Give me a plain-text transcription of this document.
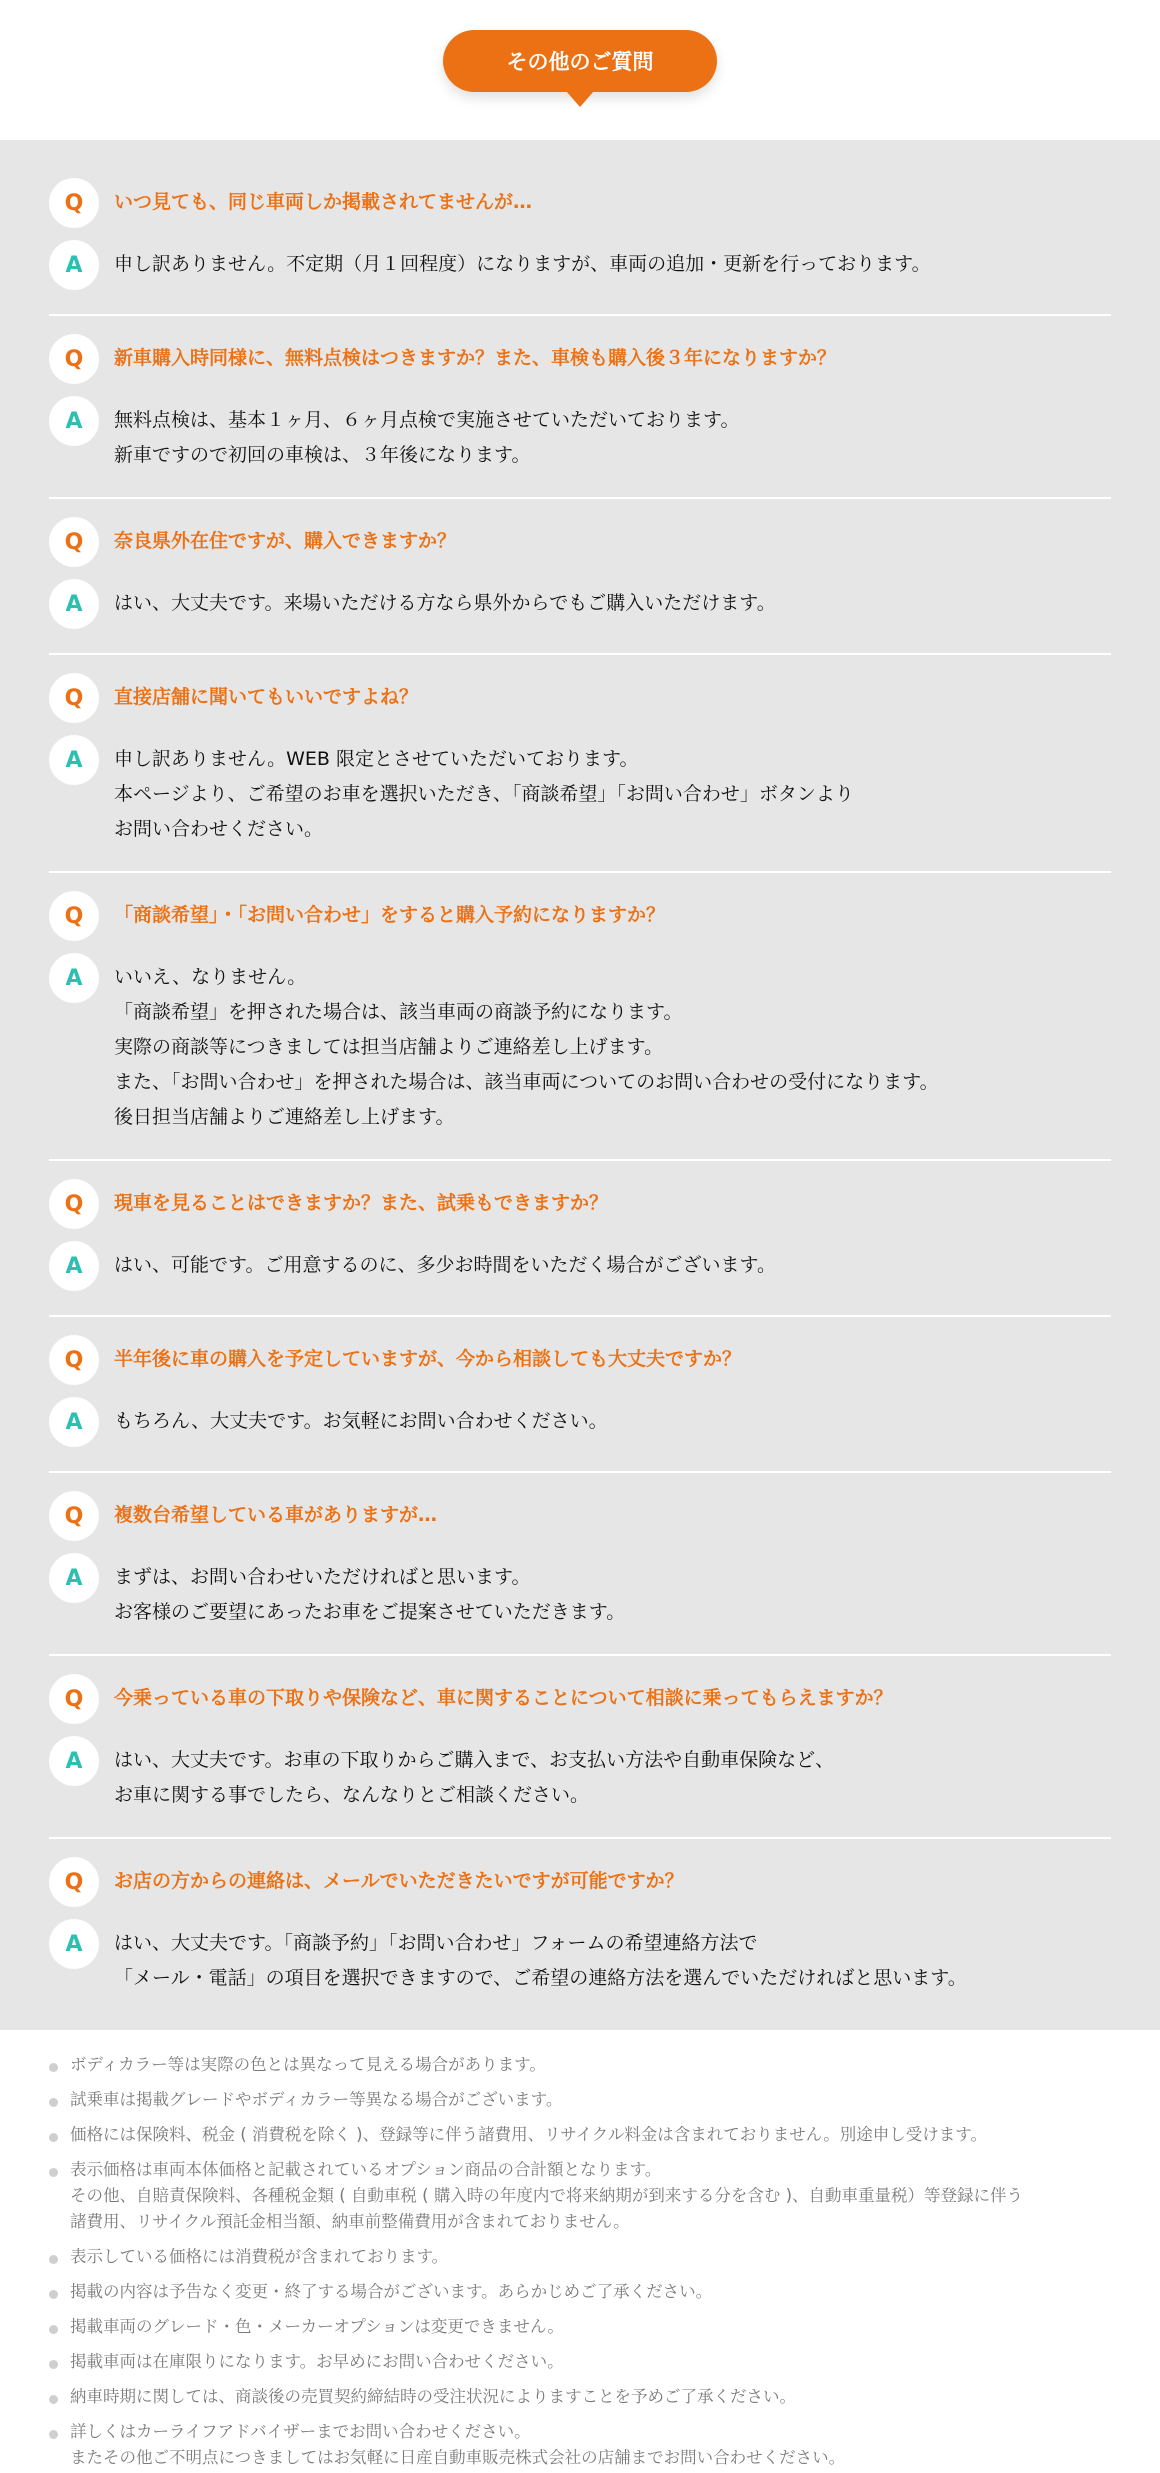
その他のご質問
Q	いつ見ても、同じ車両しか掲載されてませんが…
A	申し訳ありません。不定期（月１回程度）になりますが、車両の追加・更新を行っております。
Q	新車購入時同様に、無料点検はつきますか？また、車検も購入後３年になりますか？
A	無料点検は、基本１ヶ月、６ヶ月点検で実施させていただいております。
新車ですので初回の車検は、３年後になります。
Q	奈良県外在住ですが、購入できますか？
A	はい、大丈夫です。来場いただける方なら県外からでもご購入いただけます。
Q	直接店舗に聞いてもいいですよね？
A	申し訳ありません。WEB 限定とさせていただいております。
本ページより、ご希望のお車を選択いただき、「商談希望」「お問い合わせ」ボタンより
お問い合わせください。
Q	「商談希望」・「お問い合わせ」をすると購入予約になりますか？
A	いいえ、なりません。
「商談希望」を押された場合は、該当車両の商談予約になります。
実際の商談等につきましては担当店舗よりご連絡差し上げます。
また、「お問い合わせ」を押された場合は、該当車両についてのお問い合わせの受付になります。
後日担当店舗よりご連絡差し上げます。
Q	現車を見ることはできますか？また、試乗もできますか？
A	はい、可能です。ご用意するのに、多少お時間をいただく場合がございます。
Q	半年後に車の購入を予定していますが、今から相談しても大丈夫ですか？
A	もちろん、大丈夫です。お気軽にお問い合わせください。
Q	複数台希望している車がありますが…
A	まずは、お問い合わせいただければと思います。
お客様のご要望にあったお車をご提案させていただきます。
Q	今乗っている車の下取りや保険など、車に関することについて相談に乗ってもらえますか？
A	はい、大丈夫です。お車の下取りからご購入まで、お支払い方法や自動車保険など、
お車に関する事でしたら、なんなりとご相談ください。
Q	お店の方からの連絡は、メールでいただきたいですが可能ですか？
A	はい、大丈夫です。「商談予約」「お問い合わせ」フォームの希望連絡方法で
「メール・電話」の項目を選択できますので、ご希望の連絡方法を選んでいただければと思います。
ボディカラー等は実際の色とは異なって見える場合があります。
試乗車は掲載グレードやボディカラー等異なる場合がございます。
価格には保険料、税金 ( 消費税を除く )、登録等に伴う諸費用、リサイクル料金は含まれておりません。別途申し受けます。
表示価格は車両本体価格と記載されているオプション商品の合計額となります。
その他、自賠責保険料、各種税金類 ( 自動車税 ( 購入時の年度内で将来納期が到来する分を含む )、自動車重量税）等登録に伴う
諸費用、リサイクル預託金相当額、納車前整備費用が含まれておりません。
表示している価格には消費税が含まれております。
掲載の内容は予告なく変更・終了する場合がございます。あらかじめご了承ください。
掲載車両のグレード・色・メーカーオプションは変更できません。
掲載車両は在庫限りになります。お早めにお問い合わせください。
納車時期に関しては、商談後の売買契約締結時の受注状況によりますことを予めご了承ください。
詳しくはカーライフアドバイザーまでお問い合わせください。
またその他ご不明点につきましてはお気軽に日産自動車販売株式会社の店舗までお問い合わせください。
